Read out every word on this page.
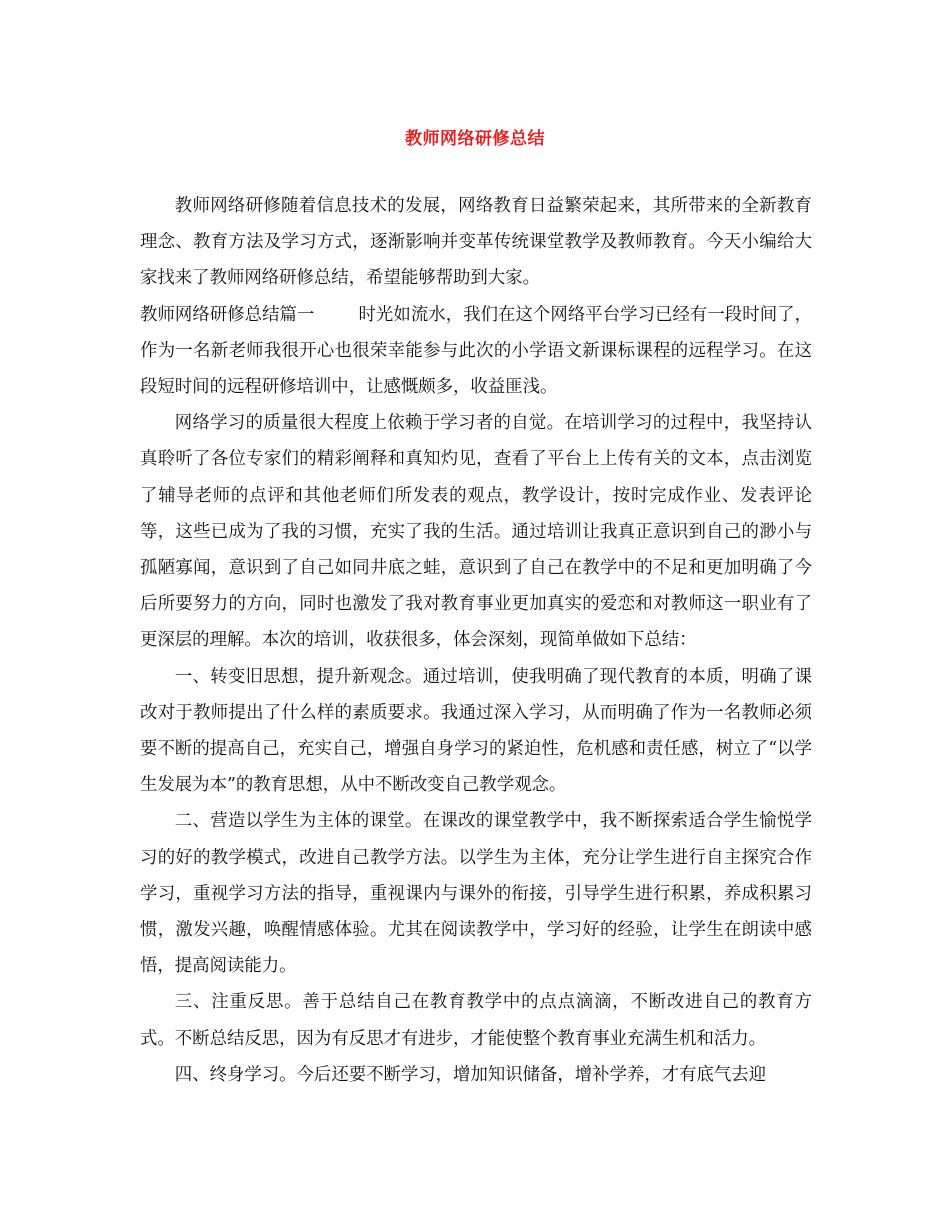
教师网络研修总结

教师网络研修随着信息技术的发展，网络教育日益繁荣起来，其所带来的全新教育理念、教育方法及学习方式，逐渐影响并变革传统课堂教学及教师教育。今天小编给大家找来了教师网络研修总结，希望能够帮助到大家。

教师网络研修总结篇一	时光如流水，我们在这个网络平台学习已经有一段时间了，作为一名新老师我很开心也很荣幸能参与此次的小学语文新课标课程的远程学习。在这段短时间的远程研修培训中，让感慨颇多，收益匪浅。

网络学习的质量很大程度上依赖于学习者的自觉。在培训学习的过程中，我坚持认真聆听了各位专家们的精彩阐释和真知灼见，查看了平台上上传有关的文本，点击浏览了辅导老师的点评和其他老师们所发表的观点，教学设计，按时完成作业、发表评论等，这些已成为了我的习惯，充实了我的生活。通过培训让我真正意识到自己的渺小与孤陋寡闻，意识到了自己如同井底之蛙，意识到了自己在教学中的不足和更加明确了今后所要努力的方向，同时也激发了我对教育事业更加真实的爱恋和对教师这一职业有了更深层的理解。本次的培训，收获很多，体会深刻，现简单做如下总结：

一、转变旧思想，提升新观念。通过培训，使我明确了现代教育的本质，明确了课改对于教师提出了什么样的素质要求。我通过深入学习，从而明确了作为一名教师必须要不断的提高自己，充实自己，增强自身学习的紧迫性，危机感和责任感，树立了“以学生发展为本”的教育思想，从中不断改变自己教学观念。

二、营造以学生为主体的课堂。在课改的课堂教学中，我不断探索适合学生愉悦学习的好的教学模式，改进自己教学方法。以学生为主体，充分让学生进行自主探究合作学习，重视学习方法的指导，重视课内与课外的衔接，引导学生进行积累，养成积累习惯，激发兴趣，唤醒情感体验。尤其在阅读教学中，学习好的经验，让学生在朗读中感悟，提高阅读能力。

三、注重反思。善于总结自己在教育教学中的点点滴滴，不断改进自己的教育方式。不断总结反思，因为有反思才有进步，才能使整个教育事业充满生机和活力。

四、终身学习。今后还要不断学习，增加知识储备，增补学养，才有底气去迎
